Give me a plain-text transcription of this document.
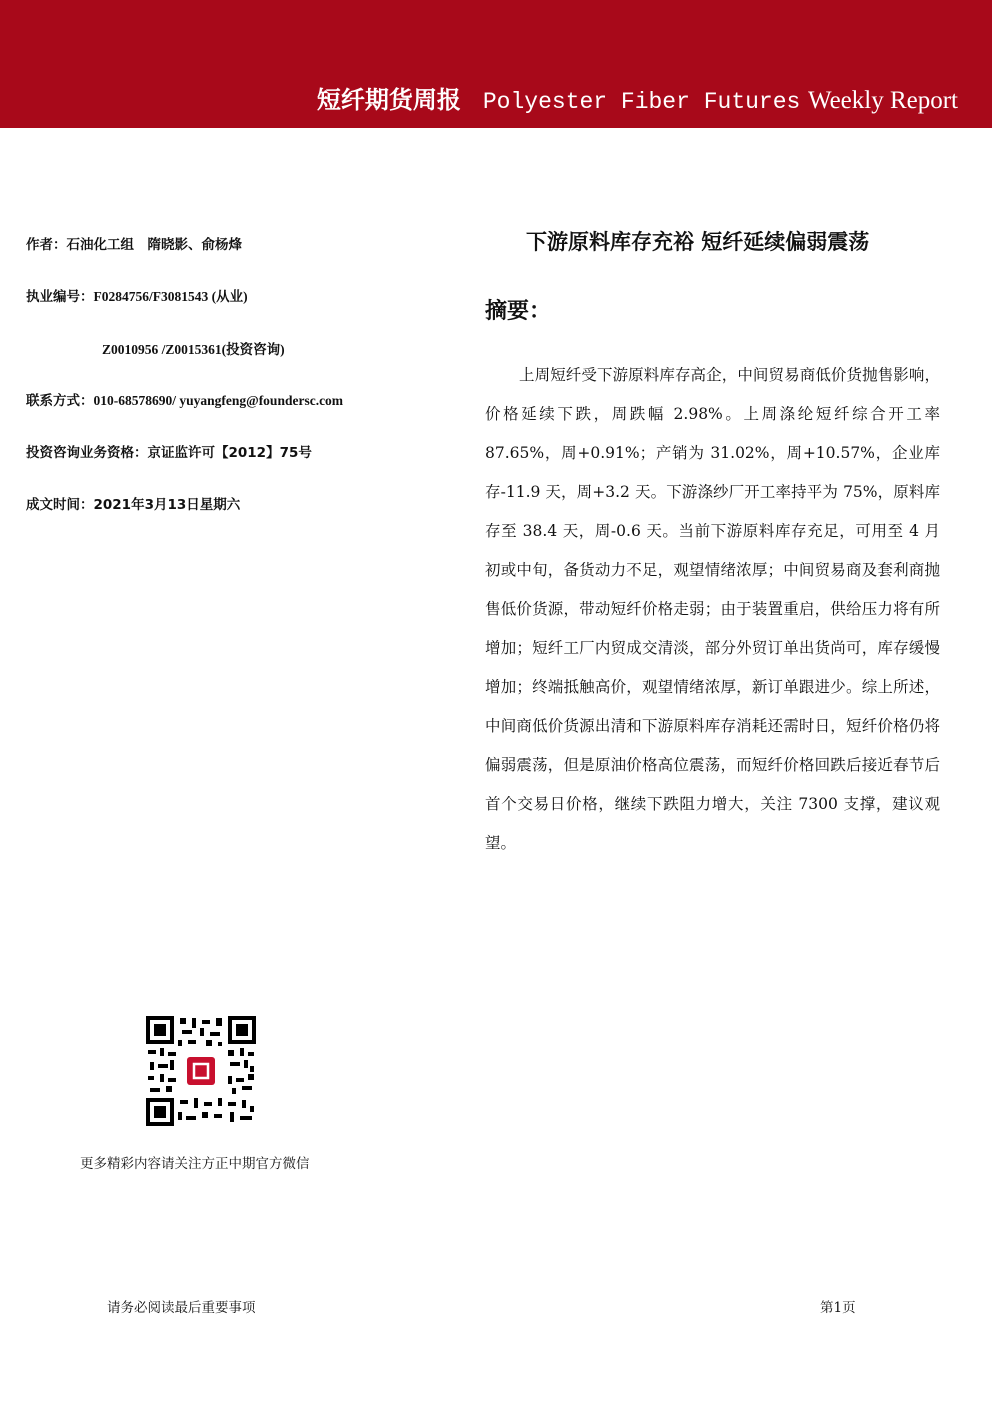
短纤期货周报 Polyester Fiber Futures Weekly Report
作者：石油化工组　隋晓影、俞杨烽
执业编号：F0284756/F3081543 (从业)
Z0010956 /Z0015361(投资咨询)
联系方式：010-68578690/ yuyangfeng@foundersc.com
投资咨询业务资格：京证监许可【2012】75号
成文时间：2021年3月13日星期六
下游原料库存充裕 短纤延续偏弱震荡
摘要：
上周短纤受下游原料库存高企，中间贸易商低价货抛售影响，价格延续下跌，周跌幅 2.98%。上周涤纶短纤综合开工率 87.65%，周+0.91%；产销为 31.02%，周+10.57%，企业库存-11.9 天，周+3.2 天。下游涤纱厂开工率持平为 75%，原料库存至 38.4 天，周-0.6 天。当前下游原料库存充足，可用至 4 月初或中旬，备货动力不足，观望情绪浓厚；中间贸易商及套利商抛售低价货源，带动短纤价格走弱；由于装置重启，供给压力将有所增加；短纤工厂内贸成交清淡，部分外贸订单出货尚可，库存缓慢增加；终端抵触高价，观望情绪浓厚，新订单跟进少。综上所述，中间商低价货源出清和下游原料库存消耗还需时日，短纤价格仍将偏弱震荡，但是原油价格高位震荡，而短纤价格回跌后接近春节后首个交易日价格，继续下跌阻力增大，关注 7300 支撑，建议观望。
更多精彩内容请关注方正中期官方微信
请务必阅读最后重要事项	第1页
